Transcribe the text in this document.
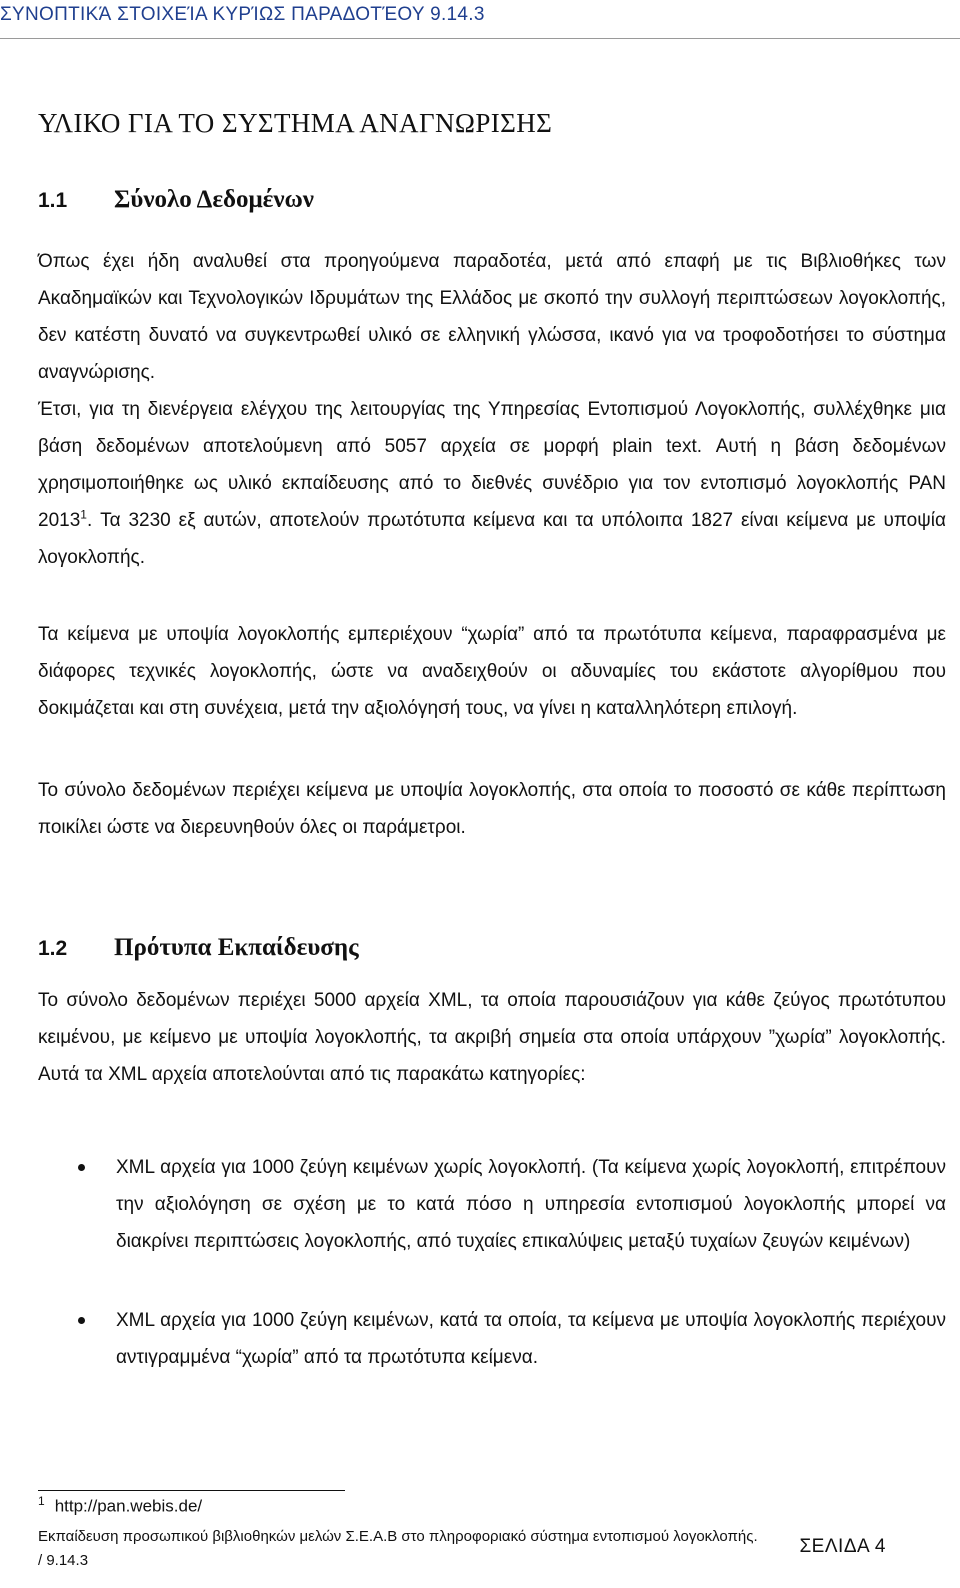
ΣΥΝΟΠΤΙΚΆ ΣΤΟΙΧΕΊΑ ΚΥΡΊΩΣ ΠΑΡΑΔΟΤΈΟΥ 9.14.3
ΥΛΙΚΟ ΓΙΑ ΤΟ ΣΥΣΤΗΜΑ ΑΝΑΓΝΩΡΙΣΗΣ
1.1 Σύνολο Δεδομένων

Όπως έχει ήδη αναλυθεί στα προηγούμενα παραδοτέα, μετά από επαφή με τις Βιβλιοθήκες των Ακαδημαϊκών και Τεχνολογικών Ιδρυμάτων της Ελλάδος με σκοπό την συλλογή περιπτώσεων λογοκλοπής, δεν κατέστη δυνατό να συγκεντρωθεί υλικό σε ελληνική γλώσσα, ικανό για να τροφοδοτήσει το σύστημα αναγνώρισης.

Έτσι, για τη διενέργεια ελέγχου της λειτουργίας της Υπηρεσίας Εντοπισμού Λογοκλοπής, συλλέχθηκε μια βάση δεδομένων αποτελούμενη από 5057 αρχεία σε μορφή plain text. Αυτή η βάση δεδομένων χρησιμοποιήθηκε ως υλικό εκπαίδευσης από το διεθνές συνέδριο για τον εντοπισμό λογοκλοπής PAN 2013$^1$. Τα 3230 εξ αυτών, αποτελούν πρωτότυπα κείμενα και τα υπόλοιπα 1827 είναι κείμενα με υποψία λογοκλοπής.

Τα κείμενα με υποψία λογοκλοπής εμπεριέχουν “χωρία” από τα πρωτότυπα κείμενα, παραφρασμένα με διάφορες τεχνικές λογοκλοπής, ώστε να αναδειχθούν οι αδυναμίες του εκάστοτε αλγορίθμου που δοκιμάζεται και στη συνέχεια, μετά την αξιολόγησή τους, να γίνει η καταλληλότερη επιλογή.

Το σύνολο δεδομένων περιέχει κείμενα με υποψία λογοκλοπής, στα οποία το ποσοστό σε κάθε περίπτωση ποικίλει ώστε να διερευνηθούν όλες οι παράμετροι.

1.2 Πρότυπα Εκπαίδευσης

Το σύνολο δεδομένων περιέχει 5000 αρχεία XML, τα οποία παρουσιάζουν για κάθε ζεύγος πρωτότυπου κειμένου, με κείμενο με υποψία λογοκλοπής, τα ακριβή σημεία στα οποία υπάρχουν ”χωρία” λογοκλοπής. Αυτά τα XML αρχεία αποτελούνται από τις παρακάτω κατηγορίες:

XML αρχεία για 1000 ζεύγη κειμένων χωρίς λογοκλοπή. (Τα κείμενα χωρίς λογοκλοπή, επιτρέπουν την αξιολόγηση σε σχέση με το κατά πόσο η υπηρεσία εντοπισμού λογοκλοπής μπορεί να διακρίνει περιπτώσεις λογοκλοπής, από τυχαίες επικαλύψεις μεταξύ τυχαίων ζευγών κειμένων)
XML αρχεία για 1000 ζεύγη κειμένων, κατά τα οποία, τα κείμενα με υποψία λογοκλοπής περιέχουν αντιγραμμένα “χωρία” από τα πρωτότυπα κείμενα.
$^1$ http://pan.webis.de/
Εκπαίδευση προσωπικού βιβλιοθηκών μελών Σ.Ε.Α.Β στο πληροφοριακό σύστημα εντοπισμού λογοκλοπής. / 9.14.3
ΣΕΛΙΔΑ 4
